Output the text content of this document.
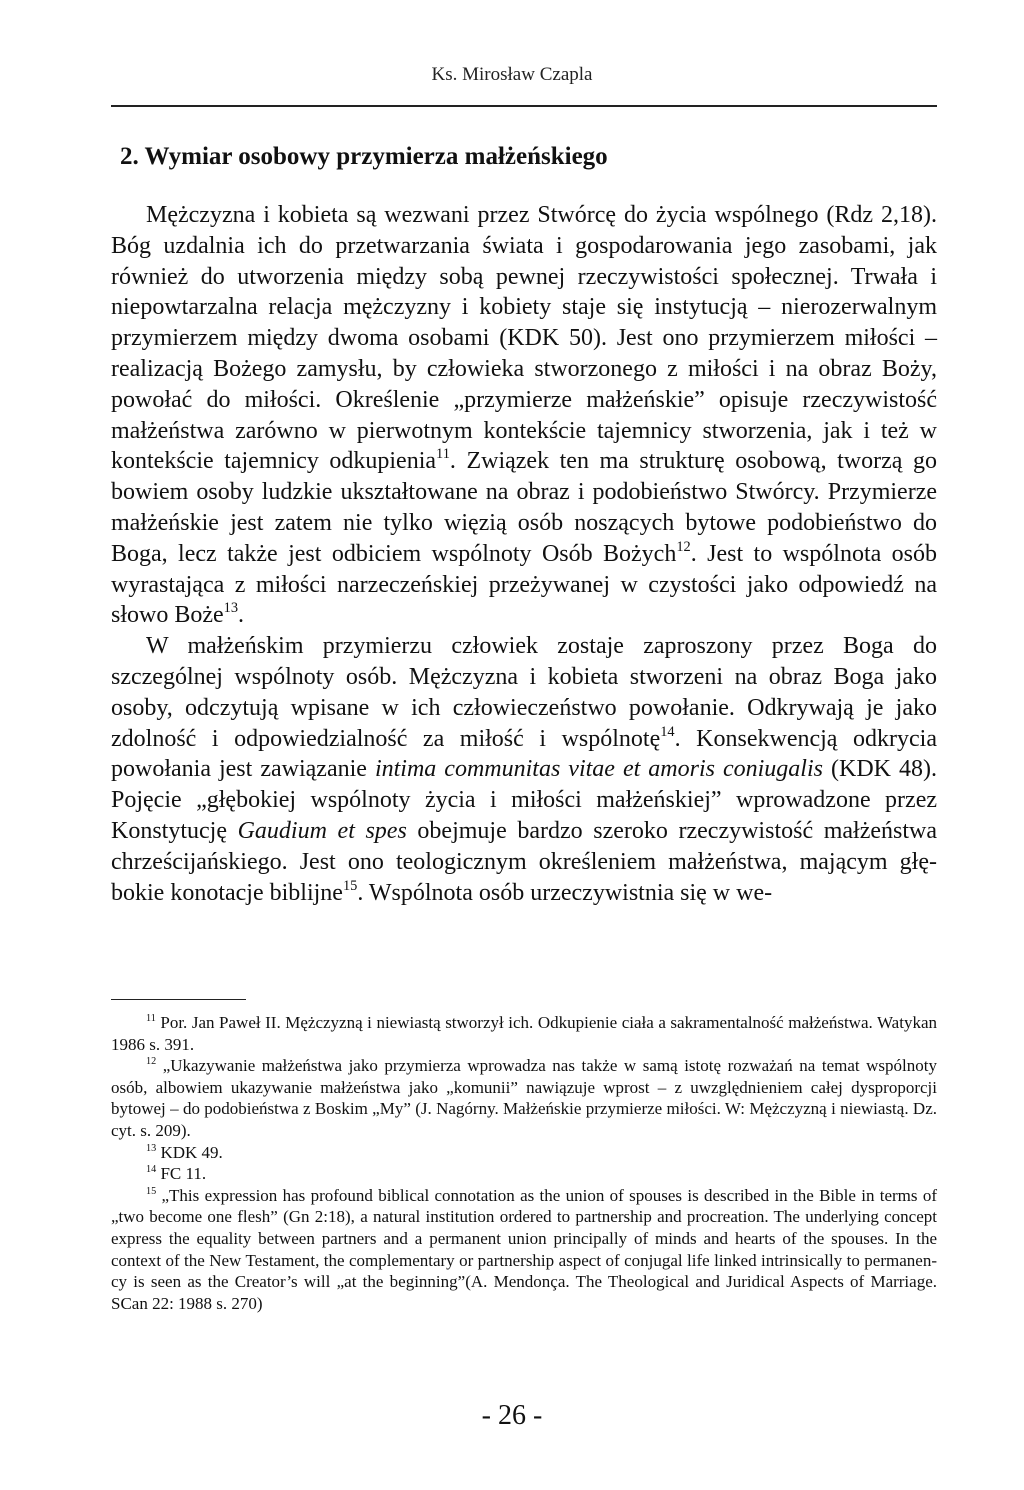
Ks. Mirosław Czapla
2. Wymiar osobowy przymierza małżeńskiego

Mężczyzna i kobieta są wezwani przez Stwórcę do życia wspólnego (Rdz 2,18). Bóg uzdalnia ich do przetwarzania świata i gospodarowania jego zasobami, jak również do utworzenia między sobą pewnej rzeczywistości społecznej. Trwała i niepowtarzalna relacja mężczyzny i kobiety staje się instytucją – nierozerwalnym przymierzem między dwoma osobami (KDK 50). Jest ono przymierzem miłości – realizacją Bożego zamysłu, by człowieka stworzonego z miłości i na obraz Boży, powołać do miłości. Określenie „przymierze małżeńskie” opisuje rzeczywistość małżeństwa zarówno w pierwotnym kontekście tajemnicy stworzenia, jak i też w kontekście tajemnicy odkupienia$^{11}$. Związek ten ma strukturę osobową, tworzą go bowiem osoby ludzkie ukształtowane na obraz i podobieństwo Stwórcy. Przymierze małżeńskie jest zatem nie tylko więzią osób noszących bytowe podobieństwo do Boga, lecz także jest odbiciem wspólnoty Osób Bożych$^{12}$. Jest to wspólnota osób wyrastająca z miłości narzeczeńskiej przeżywanej w czystości jako odpowiedź na słowo Boże$^{13}$.

W małżeńskim przymierzu człowiek zostaje zaproszony przez Boga do szczególnej wspólnoty osób. Mężczyzna i kobieta stworzeni na obraz Boga jako osoby, odczytują wpisane w ich człowieczeństwo powołanie. Odkrywają je jako zdolność i odpowiedzialność za miłość i wspólnotę$^{14}$. Konsekwencją odkrycia powołania jest zawiązanie intima communitas vitae et amoris coniugalis (KDK 48). Pojęcie „głębokiej wspólnoty życia i miłości małżeńskiej” wprowadzone przez Konstytucję Gaudium et spes obejmuje bardzo szeroko rzeczywistość małżeństwa chrześcijańskiego. Jest ono teologicznym określeniem małżeństwa, mającym głębokie konotacje biblijne$^{15}$. Wspólnota osób urzeczywistnia się w we-

$^{11}$ Por. Jan Paweł II. Mężczyzną i niewiastą stworzył ich. Odkupienie ciała a sakramentalność małżeństwa. Watykan 1986 s. 391.

$^{12}$ „Ukazywanie małżeństwa jako przymierza wprowadza nas także w samą istotę rozważań na temat wspólnoty osób, albowiem ukazywanie małżeństwa jako „komunii” nawiązuje wprost – z uwzględnieniem całej dysproporcji bytowej – do podobieństwa z Boskim „My” (J. Nagórny. Małżeńskie przymierze miłości. W: Mężczyzną i niewiastą. Dz. cyt. s. 209).

$^{13}$ KDK 49.

$^{14}$ FC 11.

$^{15}$ „This expression has profound biblical connotation as the union of spouses is described in the Bible in terms of „two become one flesh” (Gn 2:18), a natural institution ordered to partnership and procreation. The underlying concept express the equality between partners and a permanent union principally of minds and hearts of the spouses. In the context of the New Testament, the complementary or partnership aspect of conjugal life linked intrinsically to permanency is seen as the Creator’s will „at the beginning”(A. Mendonça. The Theological and Juridical Aspects of Marriage. SCan 22: 1988 s. 270)

- 26 -
